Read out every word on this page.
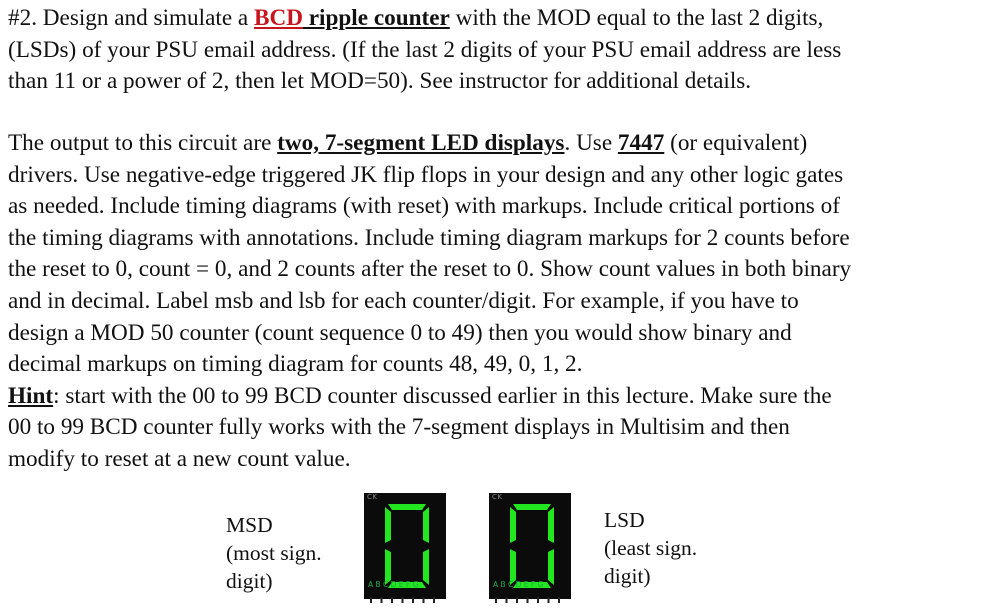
#2. Design and simulate a BCD ripple counter with the MOD equal to the last 2 digits,
(LSDs) of your PSU email address. (If the last 2 digits of your PSU email address are less
than 11 or a power of 2, then let MOD=50). See instructor for additional details.
The output to this circuit are two, 7-segment LED displays. Use 7447 (or equivalent)
drivers. Use negative-edge triggered JK flip flops in your design and any other logic gates
as needed. Include timing diagrams (with reset) with markups. Include critical portions of
the timing diagrams with annotations. Include timing diagram markups for 2 counts before
the reset to 0, count = 0, and 2 counts after the reset to 0. Show count values in both binary
and in decimal. Label msb and lsb for each counter/digit. For example, if you have to
design a MOD 50 counter (count sequence 0 to 49) then you would show binary and
decimal markups on timing diagram for counts 48, 49, 0, 1, 2.
Hint: start with the 00 to 99 BCD counter discussed earlier in this lecture. Make sure the
00 to 99 BCD counter fully works with the 7-segment displays in Multisim and then
modify to reset at a new count value.
MSD
(most sign.
digit)
CK
ABCDEFG
CK
ABCDEFG
LSD
(least sign.
digit)
